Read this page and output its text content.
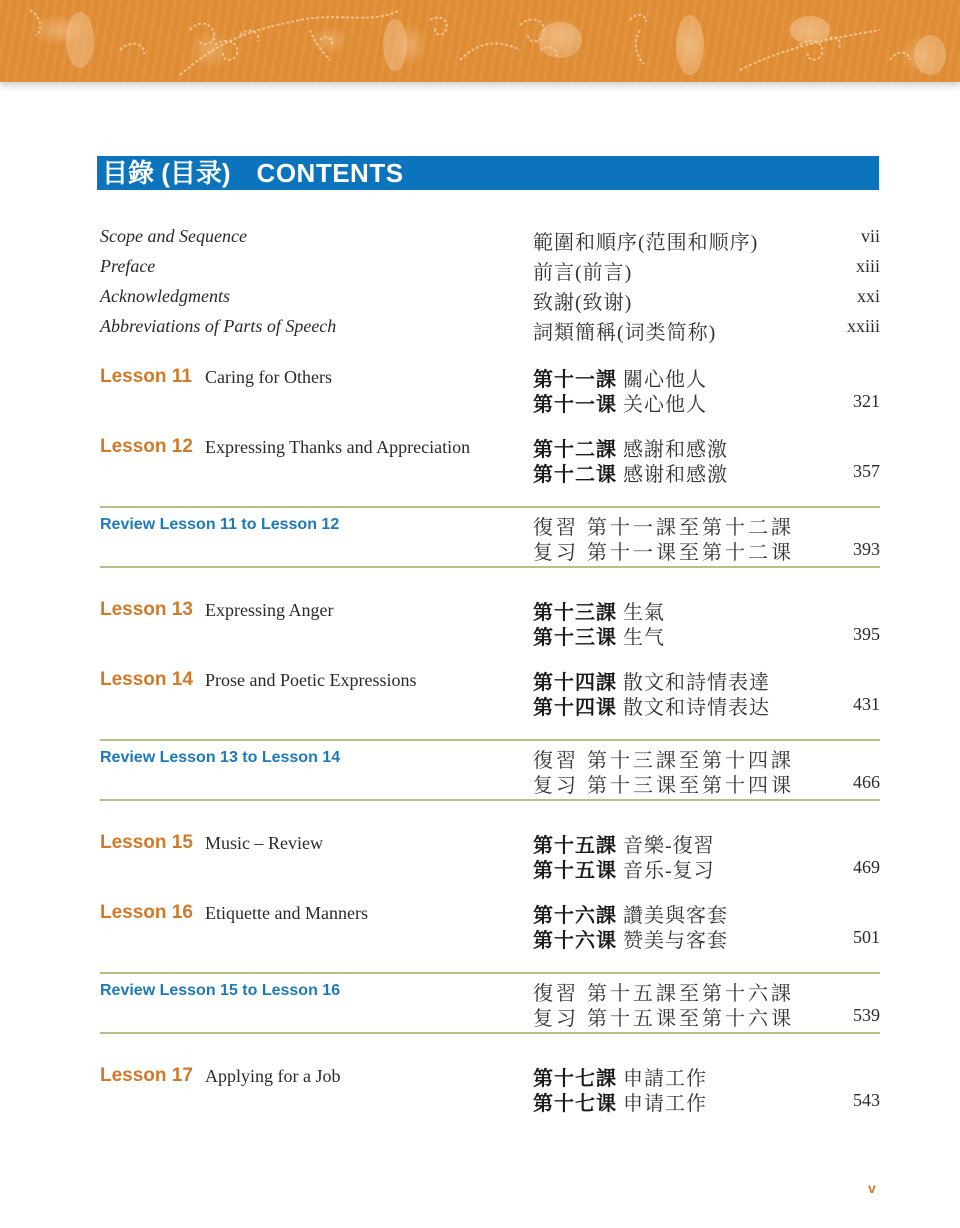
目錄 (目录) CONTENTS
Scope and Sequence	範圍和順序(范围和顺序)	vii
Preface	前言(前言)	xiii
Acknowledgments	致謝(致谢)	xxi
Abbreviations of Parts of Speech	詞類簡稱(词类简称)	xxiii
Lesson 11 Caring for Others	第十一課 關心他人
第十一课 关心他人	321
Lesson 12 Expressing Thanks and Appreciation	第十二課 感謝和感激
第十二课 感谢和感激	357
Review Lesson 11 to Lesson 12	復習 第十一課至第十二課
复习 第十一课至第十二课	393
Lesson 13 Expressing Anger	第十三課 生氣
第十三课 生气	395
Lesson 14 Prose and Poetic Expressions	第十四課 散文和詩情表達
第十四课 散文和诗情表达	431
Review Lesson 13 to Lesson 14	復習 第十三課至第十四課
复习 第十三课至第十四课	466
Lesson 15 Music – Review	第十五課 音樂-復習
第十五课 音乐-复习	469
Lesson 16 Etiquette and Manners	第十六課 讚美與客套
第十六课 赞美与客套	501
Review Lesson 15 to Lesson 16	復習 第十五課至第十六課
复习 第十五课至第十六课	539
Lesson 17 Applying for a Job	第十七課 申請工作
第十七课 申请工作	543
v
